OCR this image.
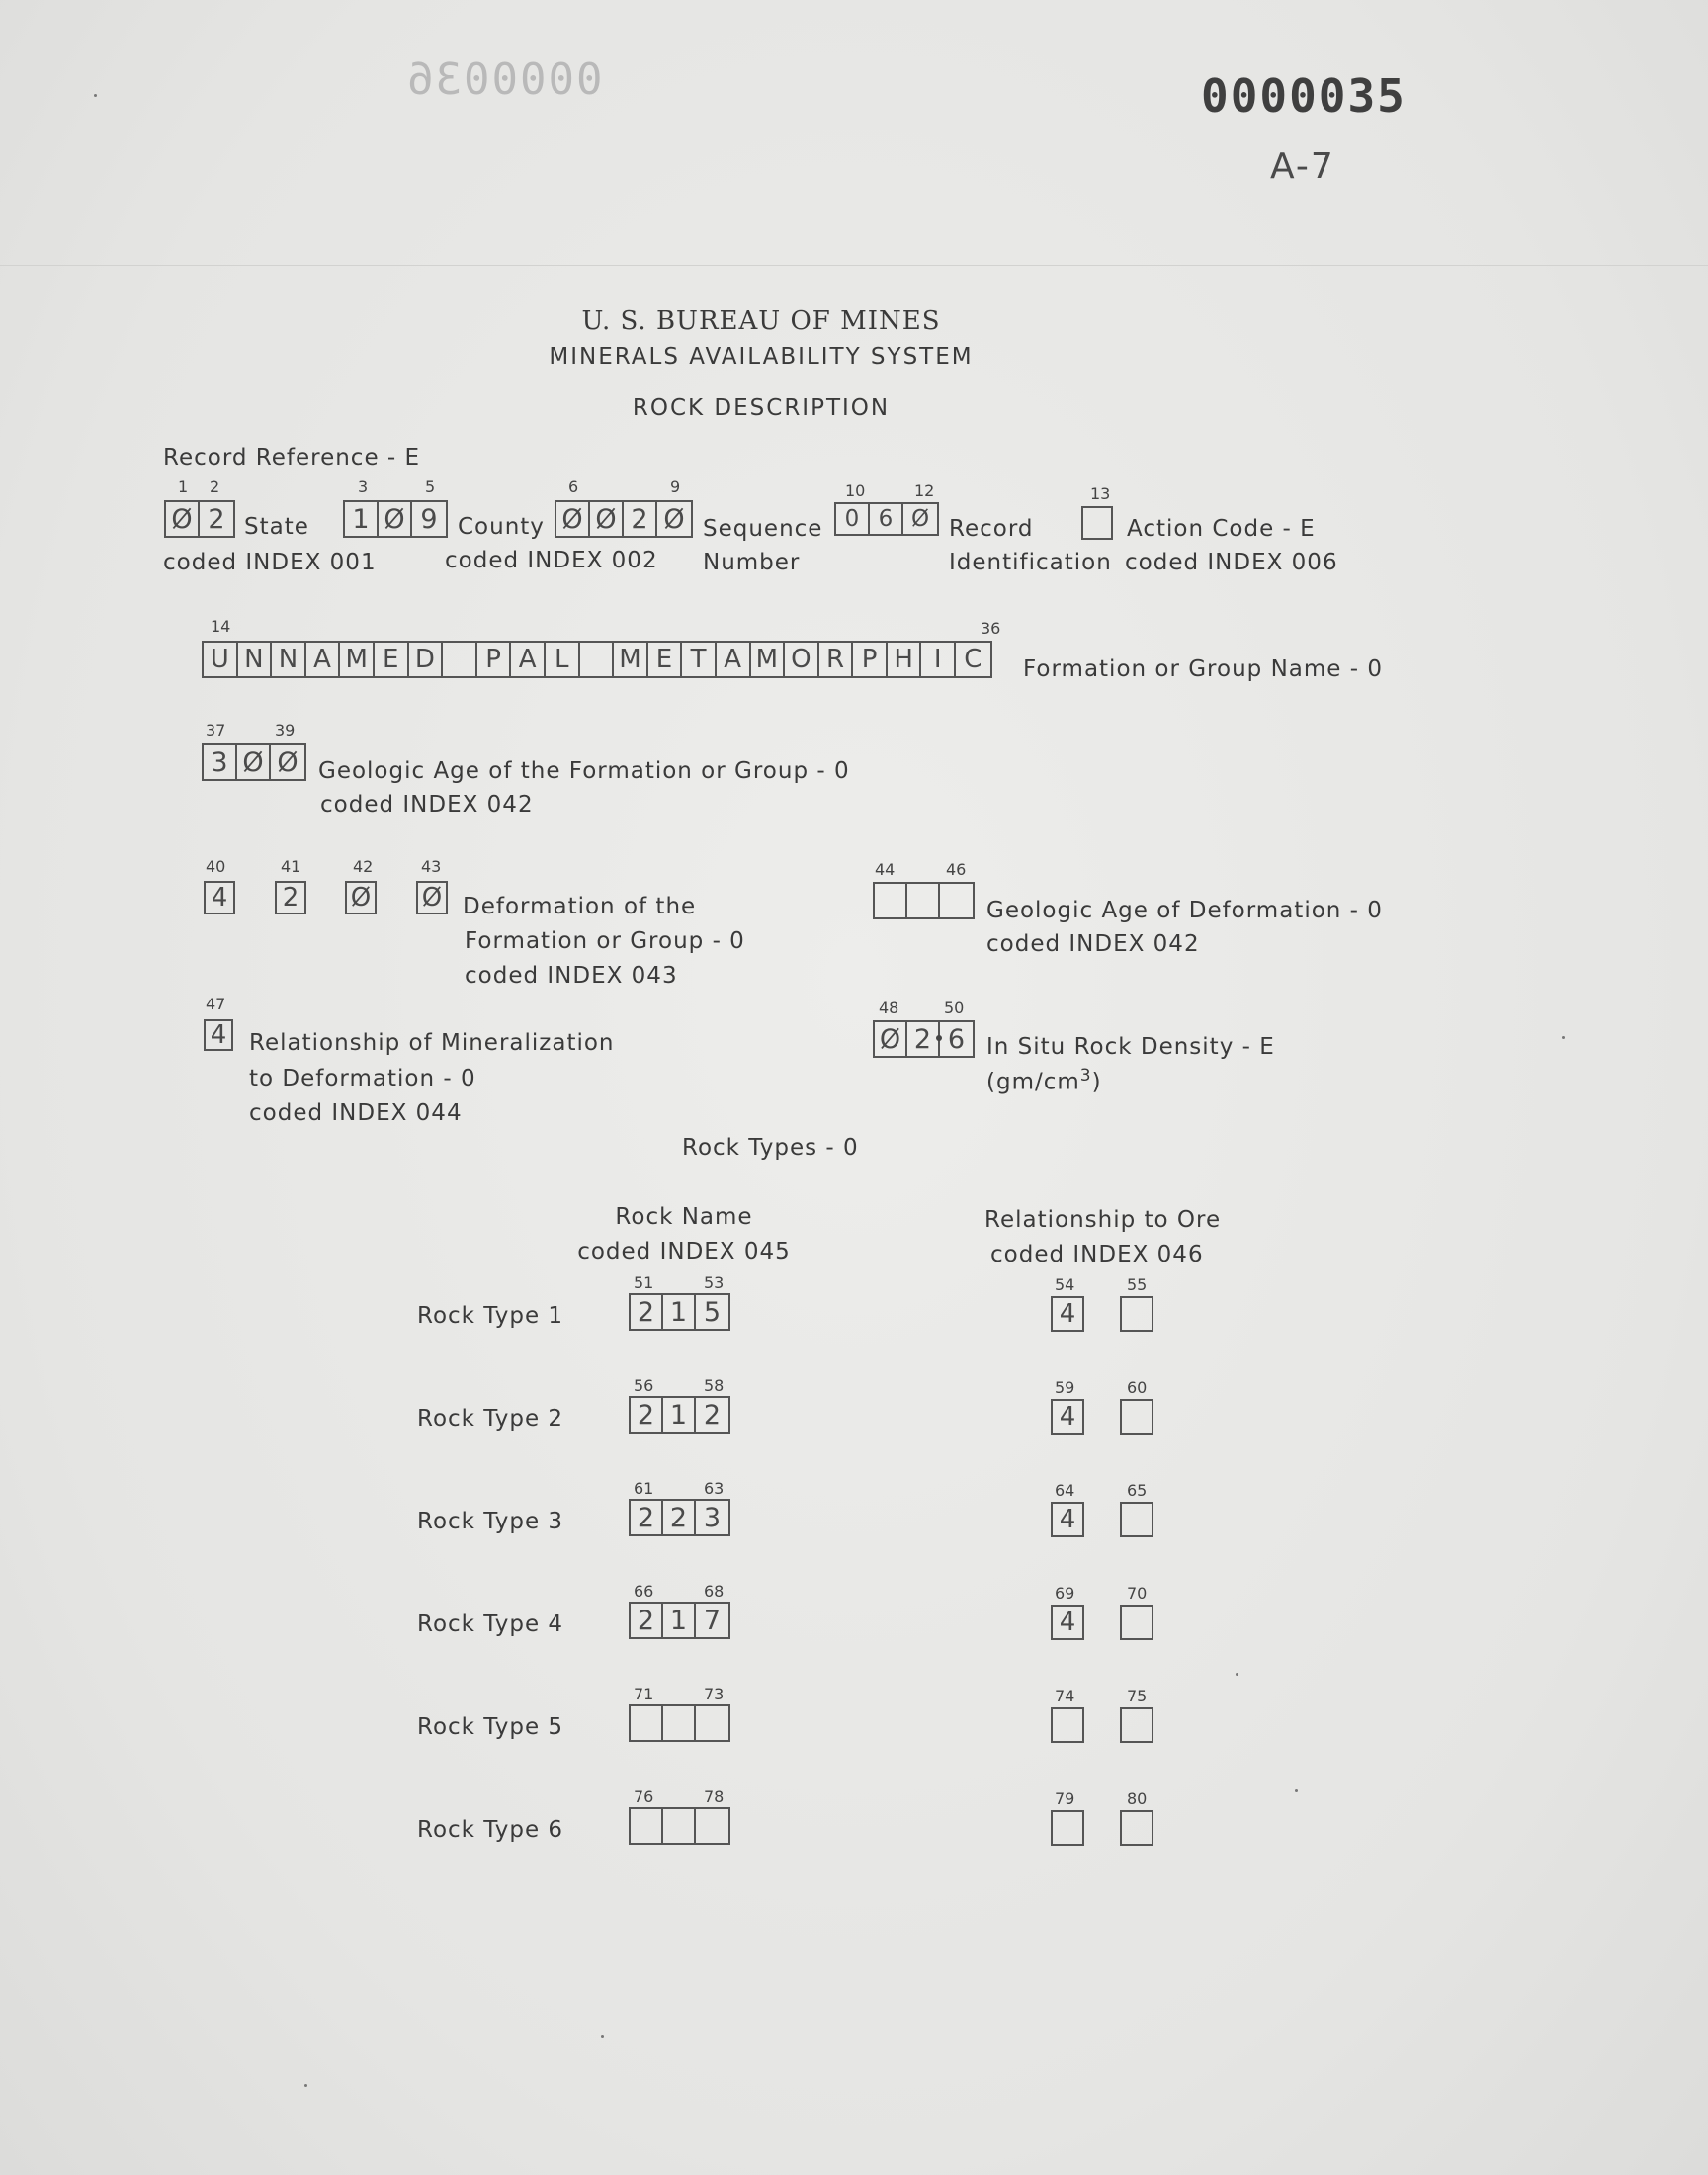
0000036	0000035
A-7
U. S. BUREAU OF MINES
MINERALS AVAILABILITY SYSTEM
ROCK DESCRIPTION
Record Reference - E
1 2
Ø 2 State
coded INDEX 001
3	5
1 Ø 9 County
coded INDEX 002
6	9
Ø Ø 2 Ø Sequence
Number
10	12
0 6 Ø Record
Identification
13
Action Code - E
coded INDEX 006
14	36
U N N A M E D	P A L	M E T A M O R P H I C	Formation or Group Name - 0
37	39
3 Ø Ø Geologic Age of the Formation or Group - 0
coded INDEX 042
40	41	42	43
4 2 Ø Ø Deformation of the
Formation or Group - 0
coded INDEX 043
44	46
Geologic Age of Deformation - 0
coded INDEX 042
47
4 Relationship of Mineralization
to Deformation - 0
coded INDEX 044
48	50
Ø 2 6 In Situ Rock Density - E
$(gm/cm^3)$
Rock Types - 0
Rock Name
coded INDEX 045
Relationship to Ore
coded INDEX 046
Rock Type 1
51	53
2 1 5
54	55
4
Rock Type 2
56	58
2 1 2
59	60
4
Rock Type 3
61	63
2 2 3
64	65
4
Rock Type 4
66	68
2 1 7
69	70
4
Rock Type 5
71	73	74	75
Rock Type 6
76	78	79	80
